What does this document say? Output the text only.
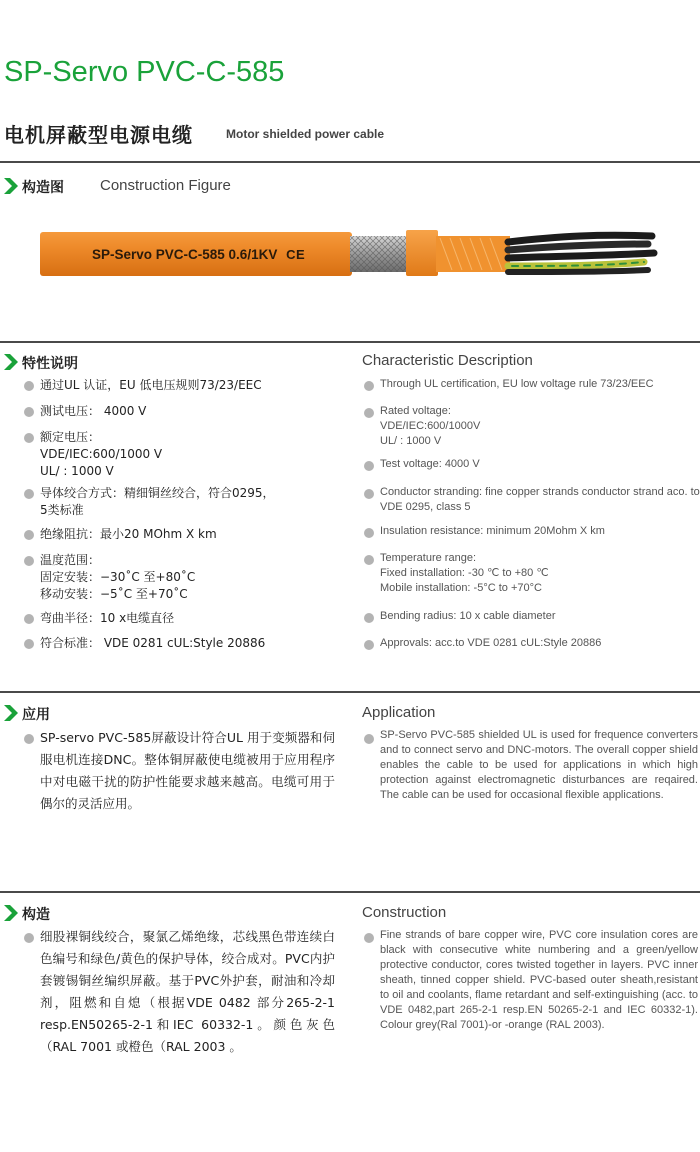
SP-Servo PVC-C-585
电机屏蔽型电源电缆	Motor shielded power cable
构造图 Construction Figure
SP-Servo PVC-C-585 0.6/1KV CE
特性说明	Characteristic Description
通过UL 认证，EU 低电压规则73/23/EEC
测试电压： 4000 V
额定电压：
VDE/IEC:600/1000 V
UL/ : 1000 V
导体绞合方式：精细铜丝绞合，符合0295，
5类标准
绝缘阻抗：最小20 MOhm X km
温度范围：
固定安装：−30˚C 至+80˚C
移动安装：−5˚C 至+70˚C
弯曲半径：10 x电缆直径
符合标准： VDE 0281 cUL:Style 20886
Through UL certification, EU low voltage rule 73/23/EEC
Rated voltage:
VDE/IEC:600/1000V
UL/ : 1000 V
Test voltage: 4000 V
Conductor stranding: fine copper strands conductor strand aco. to
VDE 0295, class 5
Insulation resistance: minimum 20Mohm X km
Temperature range:
Fixed installation: -30 ℃ to +80 ℃
Mobile installation: -5°C to +70°C
Bending radius: 10 x cable diameter
Approvals: acc.to VDE 0281 cUL:Style 20886
应用	Application
SP-servo PVC-585屏蔽设计符合UL 用于变频器和伺服电机连接DNC。整体铜屏蔽使电缆被用于应用程序中对电磁干扰的防护性能要求越来越高。电缆可用于偶尔的灵活应用。
SP-Servo PVC-585 shielded UL is used for frequence converters and to connect servo and DNC-motors. The overall copper shield enables the cable to be used for applications in which high protection against electromagnetic disturbances are reqaired. The cable can be used for occasional flexible applications.
构造	Construction
细股裸铜线绞合，聚氯乙烯绝缘，芯线黑色带连续白色编号和绿色/黄色的保护导体，绞合成对。PVC内护套镀锡铜丝编织屏蔽。基于PVC外护套，耐油和冷却剂，阻燃和自熄（根据VDE 0482 部分265-2-1 resp.EN50265-2-1和IEC 60332-1。颜色灰色（RAL 7001 或橙色（RAL 2003 。
Fine strands of bare copper wire, PVC core insulation cores are black with consecutive white numbering and a green/yellow protective conductor, cores twisted together in layers. PVC inner sheath, tinned copper shield. PVC-based outer sheath,resistant to oil and coolants, flame retardant and self-extinguishing (acc. to VDE 0482,part 265-2-1 resp.EN 50265-2-1 and IEC 60332-1). Colour grey(Ral 7001)-or -orange (RAL 2003).
